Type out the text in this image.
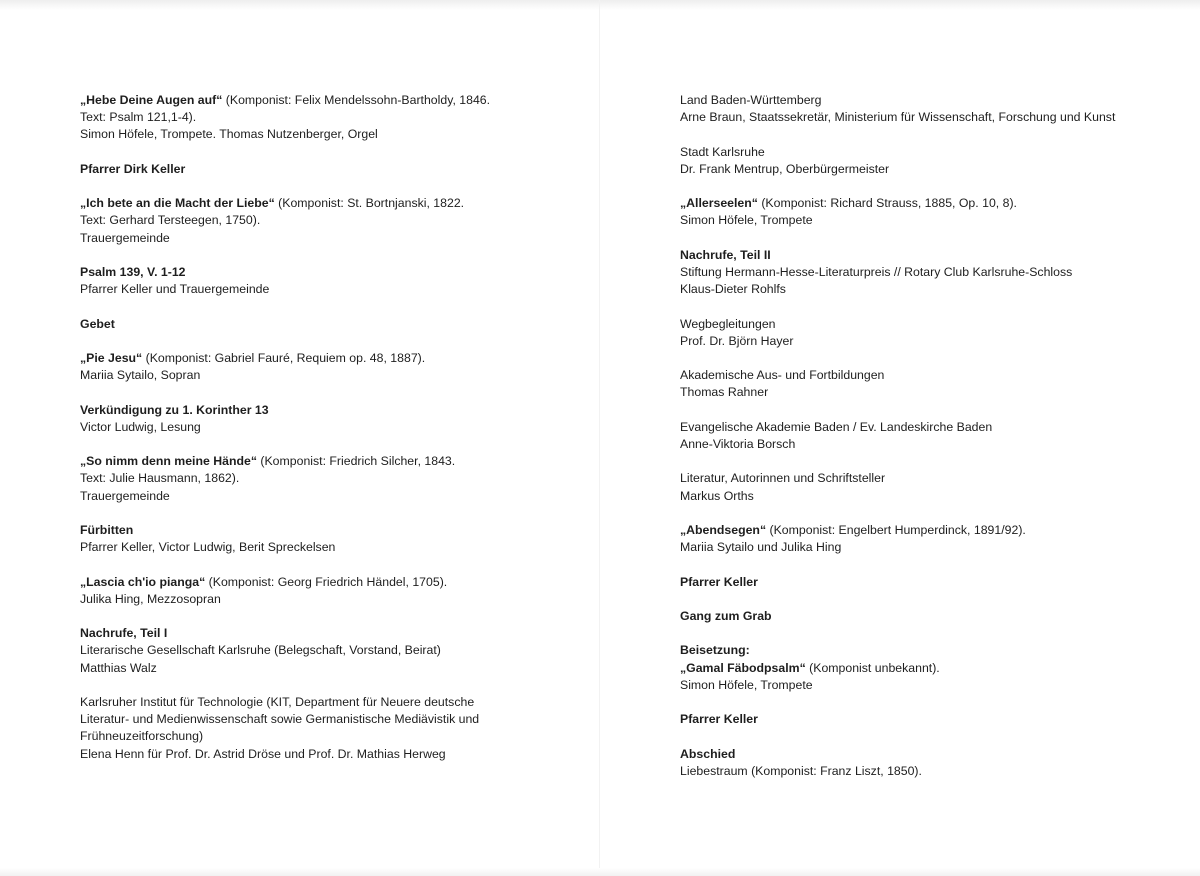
„Hebe Deine Augen auf“ (Komponist: Felix Mendelssohn-Bartholdy, 1846.
Text: Psalm 121,1-4).
Simon Höfele, Trompete. Thomas Nutzenberger, Orgel
Pfarrer Dirk Keller
„Ich bete an die Macht der Liebe“ (Komponist: St. Bortnjanski, 1822.
Text: Gerhard Tersteegen, 1750).
Trauergemeinde
Psalm 139, V. 1-12
Pfarrer Keller und Trauergemeinde
Gebet
„Pie Jesu“ (Komponist: Gabriel Fauré, Requiem op. 48, 1887).
Mariia Sytailo, Sopran
Verkündigung zu 1. Korinther 13
Victor Ludwig, Lesung
„So nimm denn meine Hände“ (Komponist: Friedrich Silcher, 1843.
Text: Julie Hausmann, 1862).
Trauergemeinde
Fürbitten
Pfarrer Keller, Victor Ludwig, Berit Spreckelsen
„Lascia ch'io pianga“ (Komponist: Georg Friedrich Händel, 1705).
Julika Hing, Mezzosopran
Nachrufe, Teil I
Literarische Gesellschaft Karlsruhe (Belegschaft, Vorstand, Beirat)
Matthias Walz
Karlsruher Institut für Technologie (KIT, Department für Neuere deutsche
Literatur- und Medienwissenschaft sowie Germanistische Mediävistik und
Frühneuzeitforschung)
Elena Henn für Prof. Dr. Astrid Dröse und Prof. Dr. Mathias Herweg
Land Baden-Württemberg
Arne Braun, Staatssekretär, Ministerium für Wissenschaft, Forschung und Kunst
Stadt Karlsruhe
Dr. Frank Mentrup, Oberbürgermeister
„Allerseelen“ (Komponist: Richard Strauss, 1885, Op. 10, 8).
Simon Höfele, Trompete
Nachrufe, Teil II
Stiftung Hermann-Hesse-Literaturpreis // Rotary Club Karlsruhe-Schloss
Klaus-Dieter Rohlfs
Wegbegleitungen
Prof. Dr. Björn Hayer
Akademische Aus- und Fortbildungen
Thomas Rahner
Evangelische Akademie Baden / Ev. Landeskirche Baden
Anne-Viktoria Borsch
Literatur, Autorinnen und Schriftsteller
Markus Orths
„Abendsegen“ (Komponist: Engelbert Humperdinck, 1891/92).
Mariia Sytailo und Julika Hing
Pfarrer Keller
Gang zum Grab
Beisetzung:
„Gamal Fäbodpsalm“ (Komponist unbekannt).
Simon Höfele, Trompete
Pfarrer Keller
Abschied
Liebestraum (Komponist: Franz Liszt, 1850).
